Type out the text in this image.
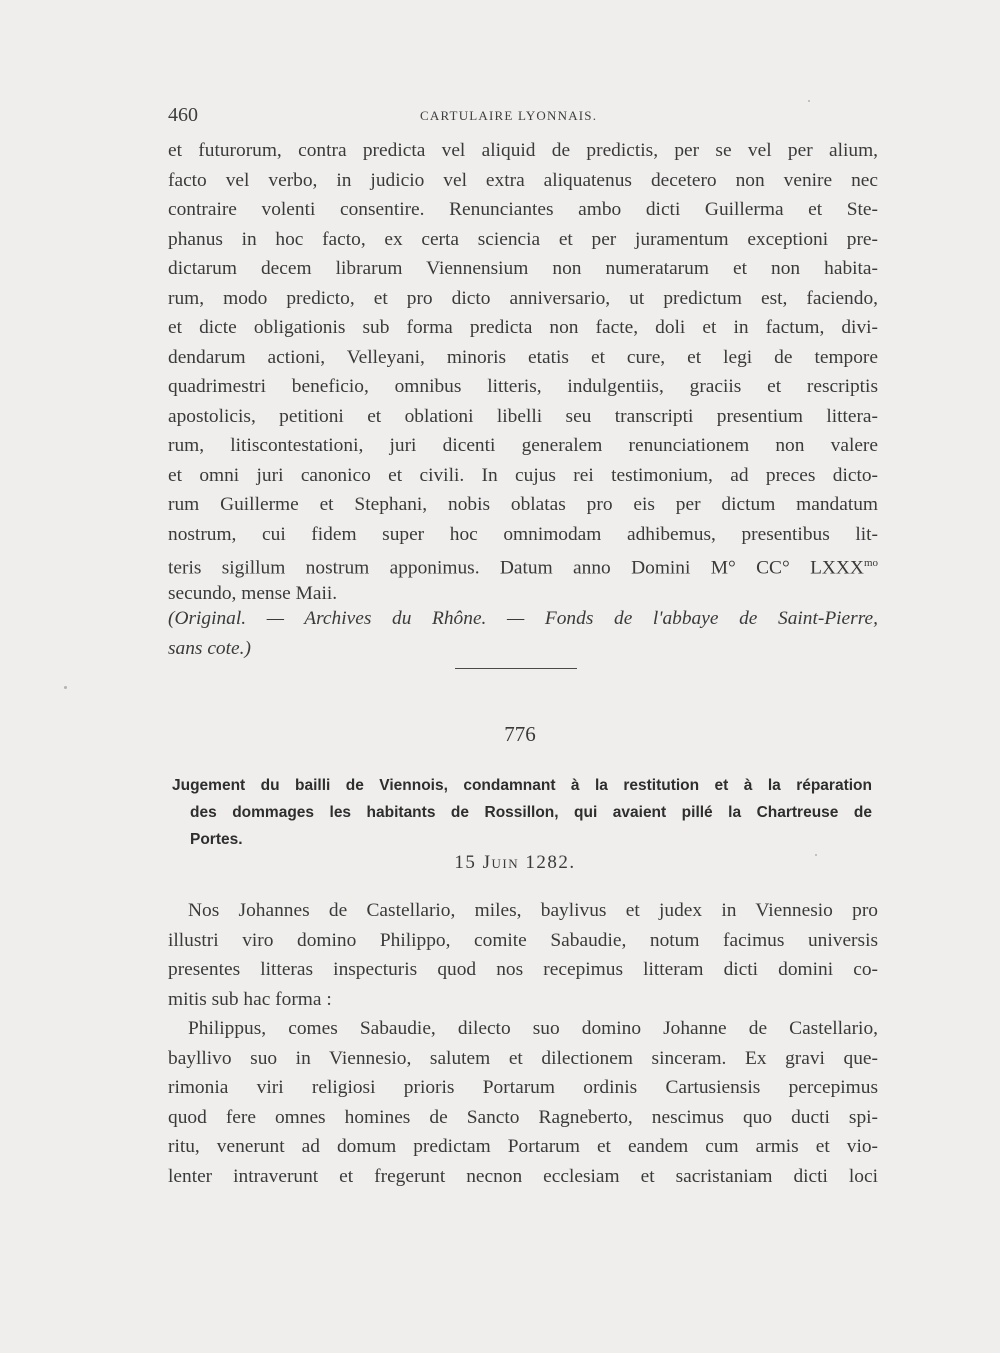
460	CARTULAIRE LYONNAIS.
et futurorum, contra predicta vel aliquid de predictis, per se vel per alium,
facto vel verbo, in judicio vel extra aliquatenus decetero non venire nec
contraire volenti consentire. Renunciantes ambo dicti Guillerma et Ste-
phanus in hoc facto, ex certa sciencia et per juramentum exceptioni pre-
dictarum decem librarum Viennensium non numeratarum et non habita-
rum, modo predicto, et pro dicto anniversario, ut predictum est, faciendo,
et dicte obligationis sub forma predicta non facte, doli et in factum, divi-
dendarum actioni, Velleyani, minoris etatis et cure, et legi de tempore
quadrimestri beneficio, omnibus litteris, indulgentiis, graciis et rescriptis
apostolicis, petitioni et oblationi libelli seu transcripti presentium littera-
rum, litiscontestationi, juri dicenti generalem renunciationem non valere
et omni juri canonico et civili. In cujus rei testimonium, ad preces dicto-
rum Guillerme et Stephani, nobis oblatas pro eis per dictum mandatum
nostrum, cui fidem super hoc omnimodam adhibemus, presentibus lit-
teris sigillum nostrum apponimus. Datum anno Domini M° CC° $LXXX^{mo}$
secundo, mense Maii.
(Original. — Archives du Rhône. — Fonds de l'abbaye de Saint-Pierre,
sans cote.)
776
Jugement du bailli de Viennois, condamnant à la restitution et à la réparation
des dommages les habitants de Rossillon, qui avaient pillé la Chartreuse de
Portes.
15 Juin 1282.
Nos Johannes de Castellario, miles, baylivus et judex in Viennesio pro
illustri viro domino Philippo, comite Sabaudie, notum facimus universis
presentes litteras inspecturis quod nos recepimus litteram dicti domini co-
mitis sub hac forma :
Philippus, comes Sabaudie, dilecto suo domino Johanne de Castellario,
bayllivo suo in Viennesio, salutem et dilectionem sinceram. Ex gravi que-
rimonia viri religiosi prioris Portarum ordinis Cartusiensis percepimus
quod fere omnes homines de Sancto Ragneberto, nescimus quo ducti spi-
ritu, venerunt ad domum predictam Portarum et eandem cum armis et vio-
lenter intraverunt et fregerunt necnon ecclesiam et sacristaniam dicti loci
